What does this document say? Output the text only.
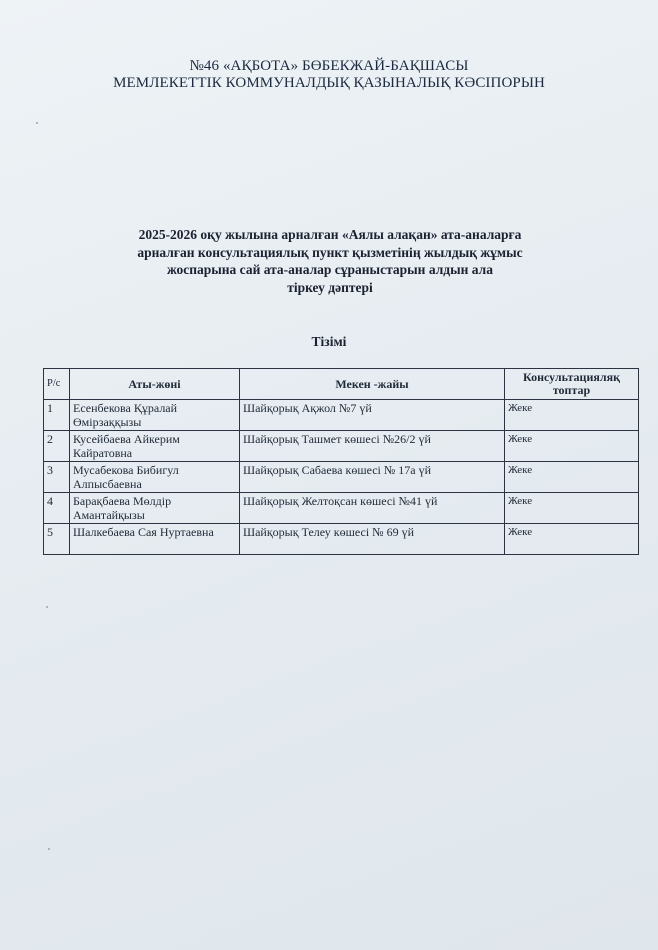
№46 «АҚБОТА» БӨБЕКЖАЙ-БАҚШАСЫ
МЕМЛЕКЕТТІК КОММУНАЛДЫҚ ҚАЗЫНАЛЫҚ КӘСІПОРЫН
2025-2026 оқу жылына арналған «Аялы алақан» ата-аналарға
арналған консультациялық пункт қызметінің жылдық жұмыс
жоспарына сай ата-аналар сұраныстарын алдын ала
тіркеу дәптері
Тізімі
Р/с	Аты-жөні	Мекен -жайы	Консультацияляқ топтар
1	Есенбекова Құралай Өмірзаққызы	Шайқорық Ақжол №7 үй	Жеке
2	Кусейбаева Айкерим Кайратовна	Шайқорық Ташмет көшесі №26/2 үй	Жеке
3	Мусабекова Бибигул Алпысбаевна	Шайқорық Сабаева көшесі № 17а үй	Жеке
4	Барақбаева Мөлдір Амантайқызы	Шайқорық Желтоқсан көшесі №41 үй	Жеке
5	Шалкебаева Сая Нуртаевна	Шайқорық Телеу көшесі № 69 үй	Жеке
